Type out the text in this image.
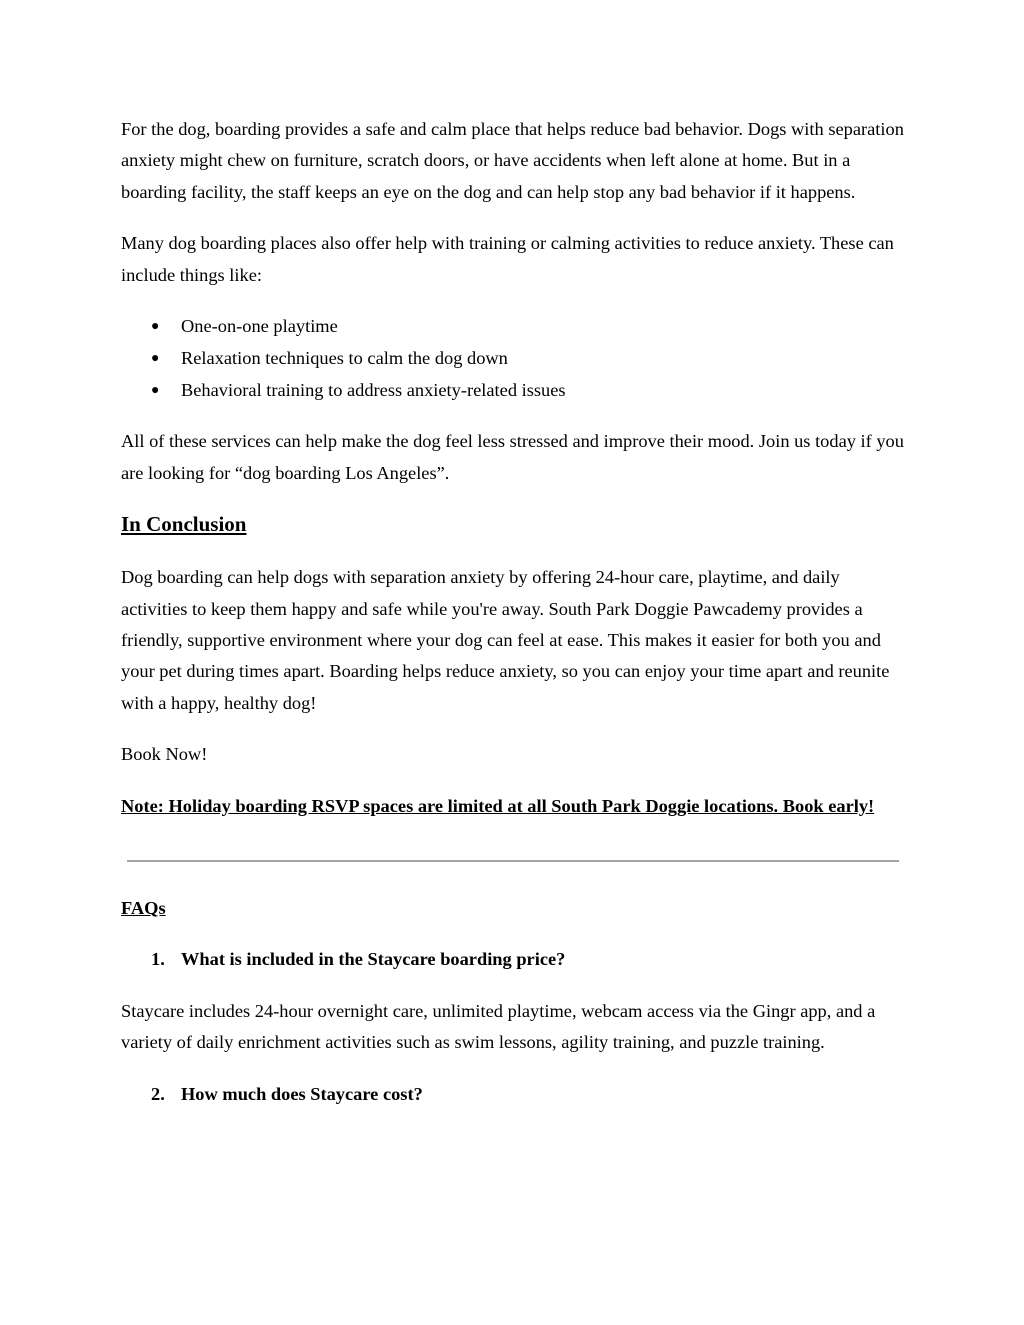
For the dog, boarding provides a safe and calm place that helps reduce bad behavior. Dogs with separation anxiety might chew on furniture, scratch doors, or have accidents when left alone at home. But in a boarding facility, the staff keeps an eye on the dog and can help stop any bad behavior if it happens.

Many dog boarding places also offer help with training or calming activities to reduce anxiety. These can include things like:

● One-on-one playtime
● Relaxation techniques to calm the dog down
● Behavioral training to address anxiety-related issues

All of these services can help make the dog feel less stressed and improve their mood. Join us today if you are looking for “dog boarding Los Angeles”.

In Conclusion

Dog boarding can help dogs with separation anxiety by offering 24-hour care, playtime, and daily activities to keep them happy and safe while you're away. South Park Doggie Pawcademy provides a friendly, supportive environment where your dog can feel at ease. This makes it easier for both you and your pet during times apart. Boarding helps reduce anxiety, so you can enjoy your time apart and reunite with a happy, healthy dog!

Book Now!

Note: Holiday boarding RSVP spaces are limited at all South Park Doggie locations. Book early!

FAQs

1. What is included in the Staycare boarding price?

Staycare includes 24-hour overnight care, unlimited playtime, webcam access via the Gingr app, and a variety of daily enrichment activities such as swim lessons, agility training, and puzzle training.

2. How much does Staycare cost?
